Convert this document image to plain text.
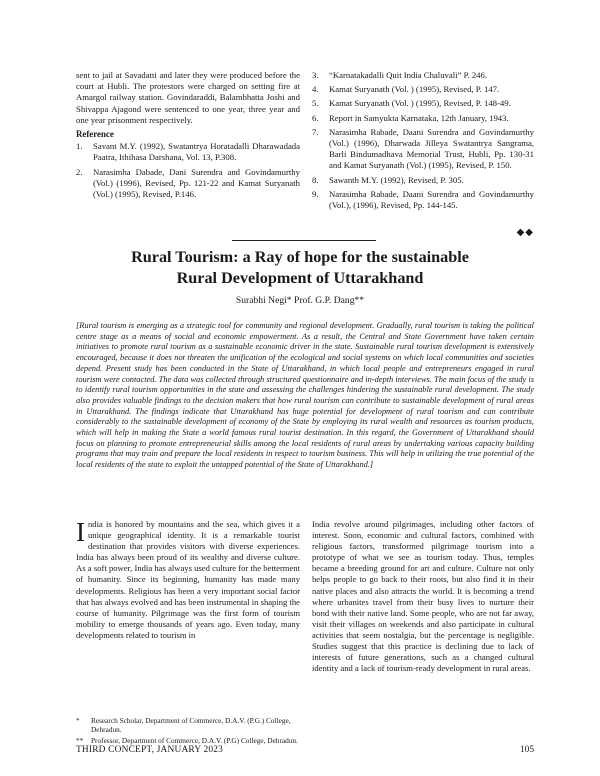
sent to jail at Savadatti and later they were produced before the court at Hubli. The protestors were charged on setting fire at Amargol railway station. Govindaraddi, Balambhatta Joshi and Shivappa Ajagond were sentenced to one year, three year and one year prisonment respectively.

Reference

1. Savant M.Y. (1992), Swatantrya Horatadalli Dharawadada Paatra, Ithihasa Darshana, Vol. 13, P.308.
2. Narasimha Dabade, Dani Surendra and Govindamurthy (Vol.) (1996), Revised, Pp. 121-22 and Kamat Suryanath (Vol.) (1995), Revised, P.146.
3. “Karnatakadalli Quit India Chaluvali” P. 246.
4. Kamat Suryanath (Vol. ) (1995), Revised, P. 147.
5. Kamat Suryanath (Vol. ) (1995), Revised, P. 148-49.
6. Report in Samyukta Karnataka, 12th January, 1943.
7. Narasimha Rabade, Daani Surendra and Govindamurthy (Vol.) (1996), Dharwada Jilleya Swatantrya Sangrama, Barli Bindumadhava Memorial Trust, Hubli, Pp. 130-31 and Kamat Suryanath (Vol.) (1995), Revised, P. 150.
8. Sawanth M.Y. (1992), Revised, P. 305.
9. Narasimha Rabade, Daani Surendra and Govindamurthy (Vol.), (1996), Revised, Pp. 144-145.
◆◆
Rural Tourism: a Ray of hope for the sustainable
Rural Development of Uttarakhand
Surabhi Negi* Prof. G.P. Dang**

[Rural tourism is emerging as a strategic tool for community and regional development. Gradually, rural tourism is taking the political centre stage as a means of social and economic empowerment. As a result, the Central and State Government have taken certain initiatives to promote rural tourism as a sustainable economic driver in the state. Sustainable rural tourism development is extensively encouraged, because it does not threaten the unification of the ecological and social systems on which local communities and societies depend. Present study has been conducted in the State of Uttarakhand, in which local people and entrepreneurs engaged in rural tourism were contacted. The data was collected through structured questionnaire and in-depth interviews. The main focus of the study is to identify rural tourism opportunities in the state and assessing the challenges hindering the sustainable rural development. The study also provides valuable findings to the decision makers that how rural tourism can contribute to sustainable development of rural areas in Uttarakhand. The findings indicate that Uttarakhand has huge potential for development of rural tourism and can contribute considerably to the sustainable development of economy of the State by employing its rural wealth and resources as tourism products, which will help in making the State a world famous rural tourist destination. In this regard, the Government of Uttarakhand should focus on planning to promote entrepreneurial skills among the local residents of rural areas by undertaking various capacity building programs that may train and prepare the local residents in respect to tourism business. This will help in utilizing the true potential of the local residents of the state to exploit the untapped potential of the State of Uttarakhand.]

India is honored by mountains and the sea, which gives it a unique geographical identity. It is a remarkable tourist destination that provides visitors with diverse experiences. India has always been proud of its wealthy and diverse culture. As a soft power, India has always used culture for the betterment of humanity. Since its beginning, humanity has made many developments. Religious has been a very important social factor that has always evolved and has been instrumental in shaping the course of humanity. Pilgrimage was the first form of tourism mobility to emerge thousands of years ago. Even today, many developments related to tourism in

India revolve around pilgrimages, including other factors of interest. Soon, economic and cultural factors, combined with religious factors, transformed pilgrimage tourism into a prototype of what we see as tourism today. Thus, temples became a breeding ground for art and culture. Culture not only helps people to go back to their roots, but also find it in their native places and also attracts the world. It is becoming a trend where urbanites travel from their busy lives to nurture their bond with their native land. Some people, who are not far away, visit their villages on weekends and also participate in cultural activities that seem nostalgia, but the percentage is negligible. Studies suggest that this practice is declining due to lack of interests of future generations, such as a changed cultural identity and a lack of tourism-ready development in rural areas.

* Research Scholar, Department of Commerce, D.A.V. (P.G.) College, Dehradun.

** Professor, Department of Commerce, D.A.V. (P.G) College, Dehradun.

THIRD CONCEPT, JANUARY 2023	105
